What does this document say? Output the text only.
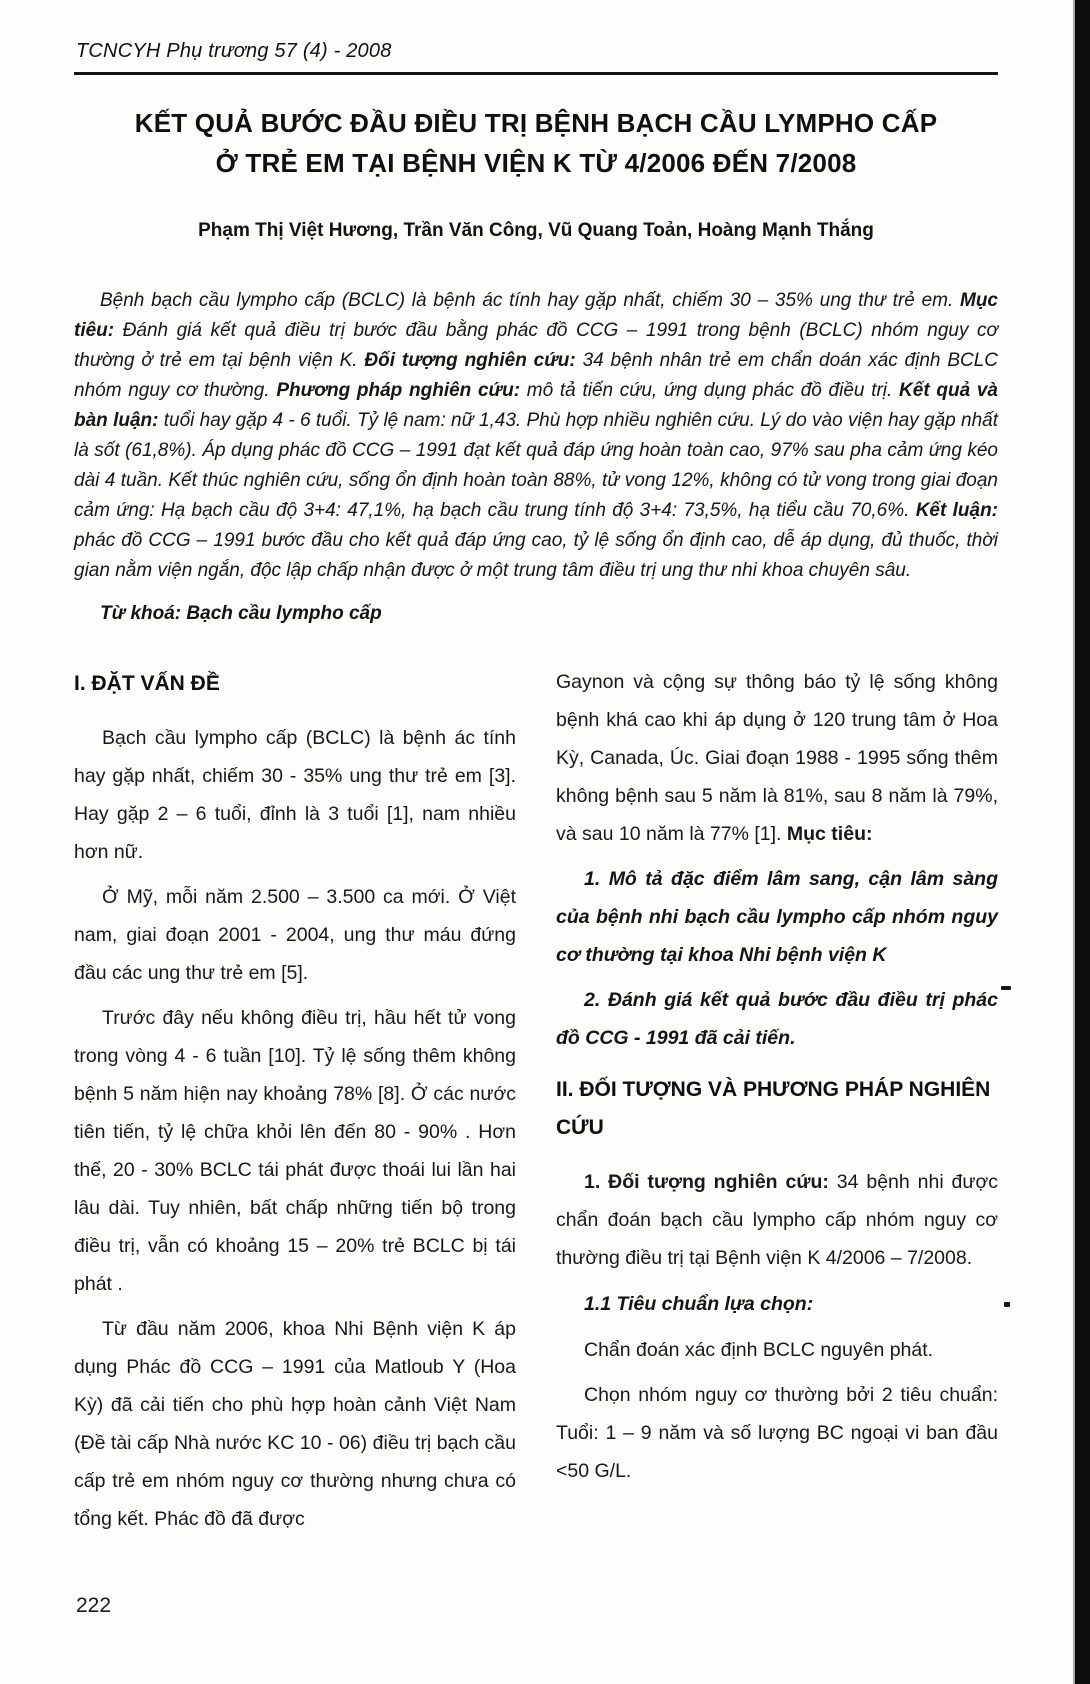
TCNCYH Phụ trương 57 (4) - 2008
KẾT QUẢ BƯỚC ĐẦU ĐIỀU TRỊ BỆNH BẠCH CẦU LYMPHO CẤP
Ở TRẺ EM TẠI BỆNH VIỆN K TỪ 4/2006 ĐẾN 7/2008
Phạm Thị Việt Hương, Trần Văn Công, Vũ Quang Toản, Hoàng Mạnh Thắng

Bệnh bạch cầu lympho cấp (BCLC) là bệnh ác tính hay gặp nhất, chiếm 30 – 35% ung thư trẻ em. Mục tiêu: Đánh giá kết quả điều trị bước đầu bằng phác đồ CCG – 1991 trong bệnh (BCLC) nhóm nguy cơ thường ở trẻ em tại bệnh viện K. Đối tượng nghiên cứu: 34 bệnh nhân trẻ em chẩn doán xác định BCLC nhóm nguy cơ thường. Phương pháp nghiên cứu: mô tả tiến cứu, ứng dụng phác đồ điều trị. Kết quả và bàn luận: tuổi hay gặp 4 - 6 tuổi. Tỷ lệ nam: nữ 1,43. Phù hợp nhiều nghiên cứu. Lý do vào viện hay gặp nhất là sốt (61,8%). Áp dụng phác đồ CCG – 1991 đạt kết quả đáp ứng hoàn toàn cao, 97% sau pha cảm ứng kéo dài 4 tuần. Kết thúc nghiên cứu, sống ổn định hoàn toàn 88%, tử vong 12%, không có tử vong trong giai đoạn cảm ứng: Hạ bạch cầu độ 3+4: 47,1%, hạ bạch cầu trung tính độ 3+4: 73,5%, hạ tiểu cầu 70,6%. Kết luận: phác đồ CCG – 1991 bước đầu cho kết quả đáp ứng cao, tỷ lệ sống ổn định cao, dễ áp dụng, đủ thuốc, thời gian nằm viện ngắn, độc lập chấp nhận được ở một trung tâm điều trị ung thư nhi khoa chuyên sâu.

Từ khoá: Bạch cầu lympho cấp
I. ĐẶT VẤN ĐỀ

Bạch cầu lympho cấp (BCLC) là bệnh ác tính hay gặp nhất, chiếm 30 - 35% ung thư trẻ em [3]. Hay gặp 2 – 6 tuổi, đỉnh là 3 tuổi [1], nam nhiều hơn nữ.

Ở Mỹ, mỗi năm 2.500 – 3.500 ca mới. Ở Việt nam, giai đoạn 2001 - 2004, ung thư máu đứng đầu các ung thư trẻ em [5].

Trước đây nếu không điều trị, hầu hết tử vong trong vòng 4 - 6 tuần [10]. Tỷ lệ sống thêm không bệnh 5 năm hiện nay khoảng 78% [8]. Ở các nước tiên tiến, tỷ lệ chữa khỏi lên đến 80 - 90% . Hơn thế, 20 - 30% BCLC tái phát được thoái lui lần hai lâu dài. Tuy nhiên, bất chấp những tiến bộ trong điều trị, vẫn có khoảng 15 – 20% trẻ BCLC bị tái phát .

Từ đầu năm 2006, khoa Nhi Bệnh viện K áp dụng Phác đồ CCG – 1991 của Matloub Y (Hoa Kỳ) đã cải tiến cho phù hợp hoàn cảnh Việt Nam (Đề tài cấp Nhà nước KC 10 - 06) điều trị bạch cầu cấp trẻ em nhóm nguy cơ thường nhưng chưa có tổng kết. Phác đồ đã được

Gaynon và cộng sự thông báo tỷ lệ sống không bệnh khá cao khi áp dụng ở 120 trung tâm ở Hoa Kỳ, Canada, Úc. Giai đoạn 1988 - 1995 sống thêm không bệnh sau 5 năm là 81%, sau 8 năm là 79%, và sau 10 năm là 77% [1]. Mục tiêu:

1. Mô tả đặc điểm lâm sang, cận lâm sàng của bệnh nhi bạch cầu lympho cấp nhóm nguy cơ thường tại khoa Nhi bệnh viện K

2. Đánh giá kết quả bước đầu điều trị phác đồ CCG - 1991 đã cải tiến.

II. ĐỐI TƯỢNG VÀ PHƯƠNG PHÁP NGHIÊN CỨU

1. Đối tượng nghiên cứu: 34 bệnh nhi được chẩn đoán bạch cầu lympho cấp nhóm nguy cơ thường điều trị tại Bệnh viện K 4/2006 – 7/2008.

1.1 Tiêu chuẩn lựa chọn:

Chẩn đoán xác định BCLC nguyên phát.

Chọn nhóm nguy cơ thường bởi 2 tiêu chuẩn: Tuổi: 1 – 9 năm và số lượng BC ngoại vi ban đầu <50 G/L.

222
